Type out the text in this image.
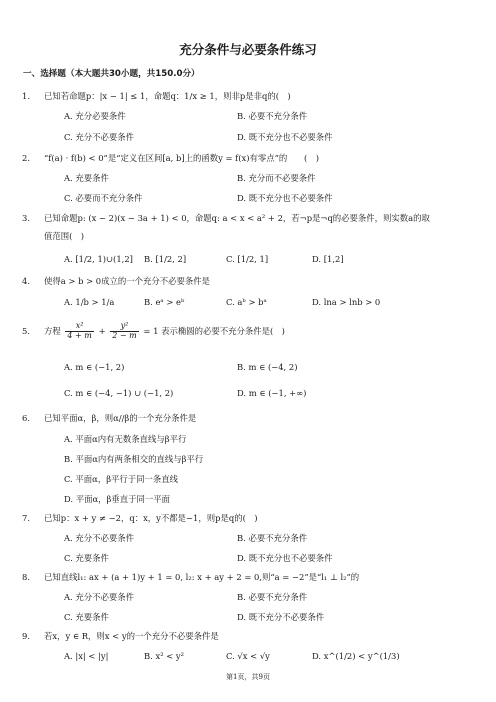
充分条件与必要条件练习
一、选择题（本大题共30小题，共150.0分）
1. 已知若命题p：|x − 1| ≤ 1，命题q：1/x ≥ 1，则非p是非q的(　)
A. 充分必要条件	B. 必要不充分条件
C. 充分不必要条件	D. 既不充分也不必要条件
2. “f(a) · f(b) < 0”是“定义在区间[a, b]上的函数y = f(x)有零点”的　　(　)
A. 充要条件	B. 充分而不必要条件
C. 必要而不充分条件	D. 既不充分也不必要条件
3. 已知命题p: (x − 2)(x − 3a + 1) < 0，命题q: a < x < a² + 2，若¬p是¬q的必要条件，则实数a的取
值范围(　)
A. [1/2, 1)∪(1,2] B. [1/2, 2]	C. [1/2, 1]	D. [1,2]
4. 使得a > b > 0成立的一个充分不必要条件是
A. 1/b > 1/a	B. eᵃ > eᵇ	C. aᵇ > bᵃ	D. lna > lnb > 0
5. 方程 $\frac{\text{x²}}{4 + m} + \frac{\text{y²}}{2 - m} = 1$ 表示椭圆的必要不充分条件是(　)
A. m ∈ (−1, 2)	B. m ∈ (−4, 2)
C. m ∈ (−4, −1) ∪ (−1, 2)	D. m ∈ (−1, +∞)
6. 已知平面α，β，则α//β的一个充分条件是
A. 平面α内有无数条直线与β平行
B. 平面α内有两条相交的直线与β平行
C. 平面α，β平行于同一条直线
D. 平面α，β垂直于同一平面
7. 已知p：x + y ≠ −2，q：x，y不都是−1，则p是q的(　)
A. 充分不必要条件	B. 必要不充分条件
C. 充要条件	D. 既不充分也不必要条件
8. 已知直线l₁: ax + (a + 1)y + 1 = 0, l₂: x + ay + 2 = 0,则“a = −2”是“l₁ ⊥ l₂”的
A. 充分不必要条件	B. 必要不充分条件
C. 充要条件	D. 既不充分不必要条件
9. 若x，y ∈ R，则x < y的一个充分不必要条件是
A. |x| < |y|	B. x² < y²	C. √x < √y	D. x^(1/2) < y^(1/3)
第1页，共9页
